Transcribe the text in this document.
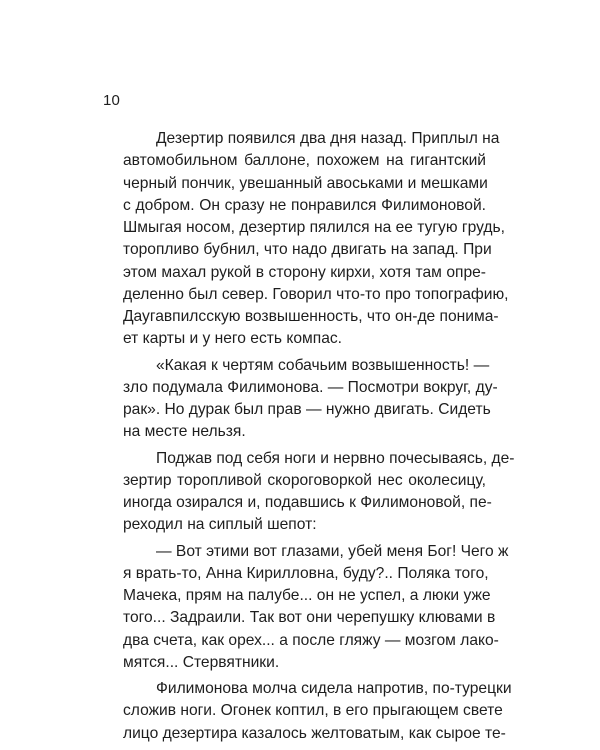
10
Дезертир появился два дня назад. Приплыл на
автомобильном баллоне, похожем на гигантский
черный пончик, увешанный авоськами и мешками
с добром. Он сразу не понравился Филимоновой.
Шмыгая носом, дезертир пялился на ее тугую грудь,
торопливо бубнил, что надо двигать на запад. При
этом махал рукой в сторону кирхи, хотя там опре-
деленно был север. Говорил что-то про топографию,
Даугавпилсскую возвышенность, что он-де понима-
ет карты и у него есть компас.
«Какая к чертям собачьим возвышенность! —
зло подумала Филимонова. — Посмотри вокруг, ду-
рак». Но дурак был прав — нужно двигать. Сидеть
на месте нельзя.
Поджав под себя ноги и нервно почесываясь, де-
зертир торопливой скороговоркой нес околесицу,
иногда озирался и, подавшись к Филимоновой, пе-
реходил на сиплый шепот:
— Вот этими вот глазами, убей меня Бог! Чего ж
я врать-то, Анна Кирилловна, буду?.. Поляка того,
Мачека, прям на палубе... он не успел, а люки уже
того... Задраили. Так вот они черепушку клювами в
два счета, как орех... а после гляжу — мозгом лако-
мятся... Стервятники.
Филимонова молча сидела напротив, по-турецки
сложив ноги. Огонек коптил, в его прыгающем свете
лицо дезертира казалось желтоватым, как сырое те-
